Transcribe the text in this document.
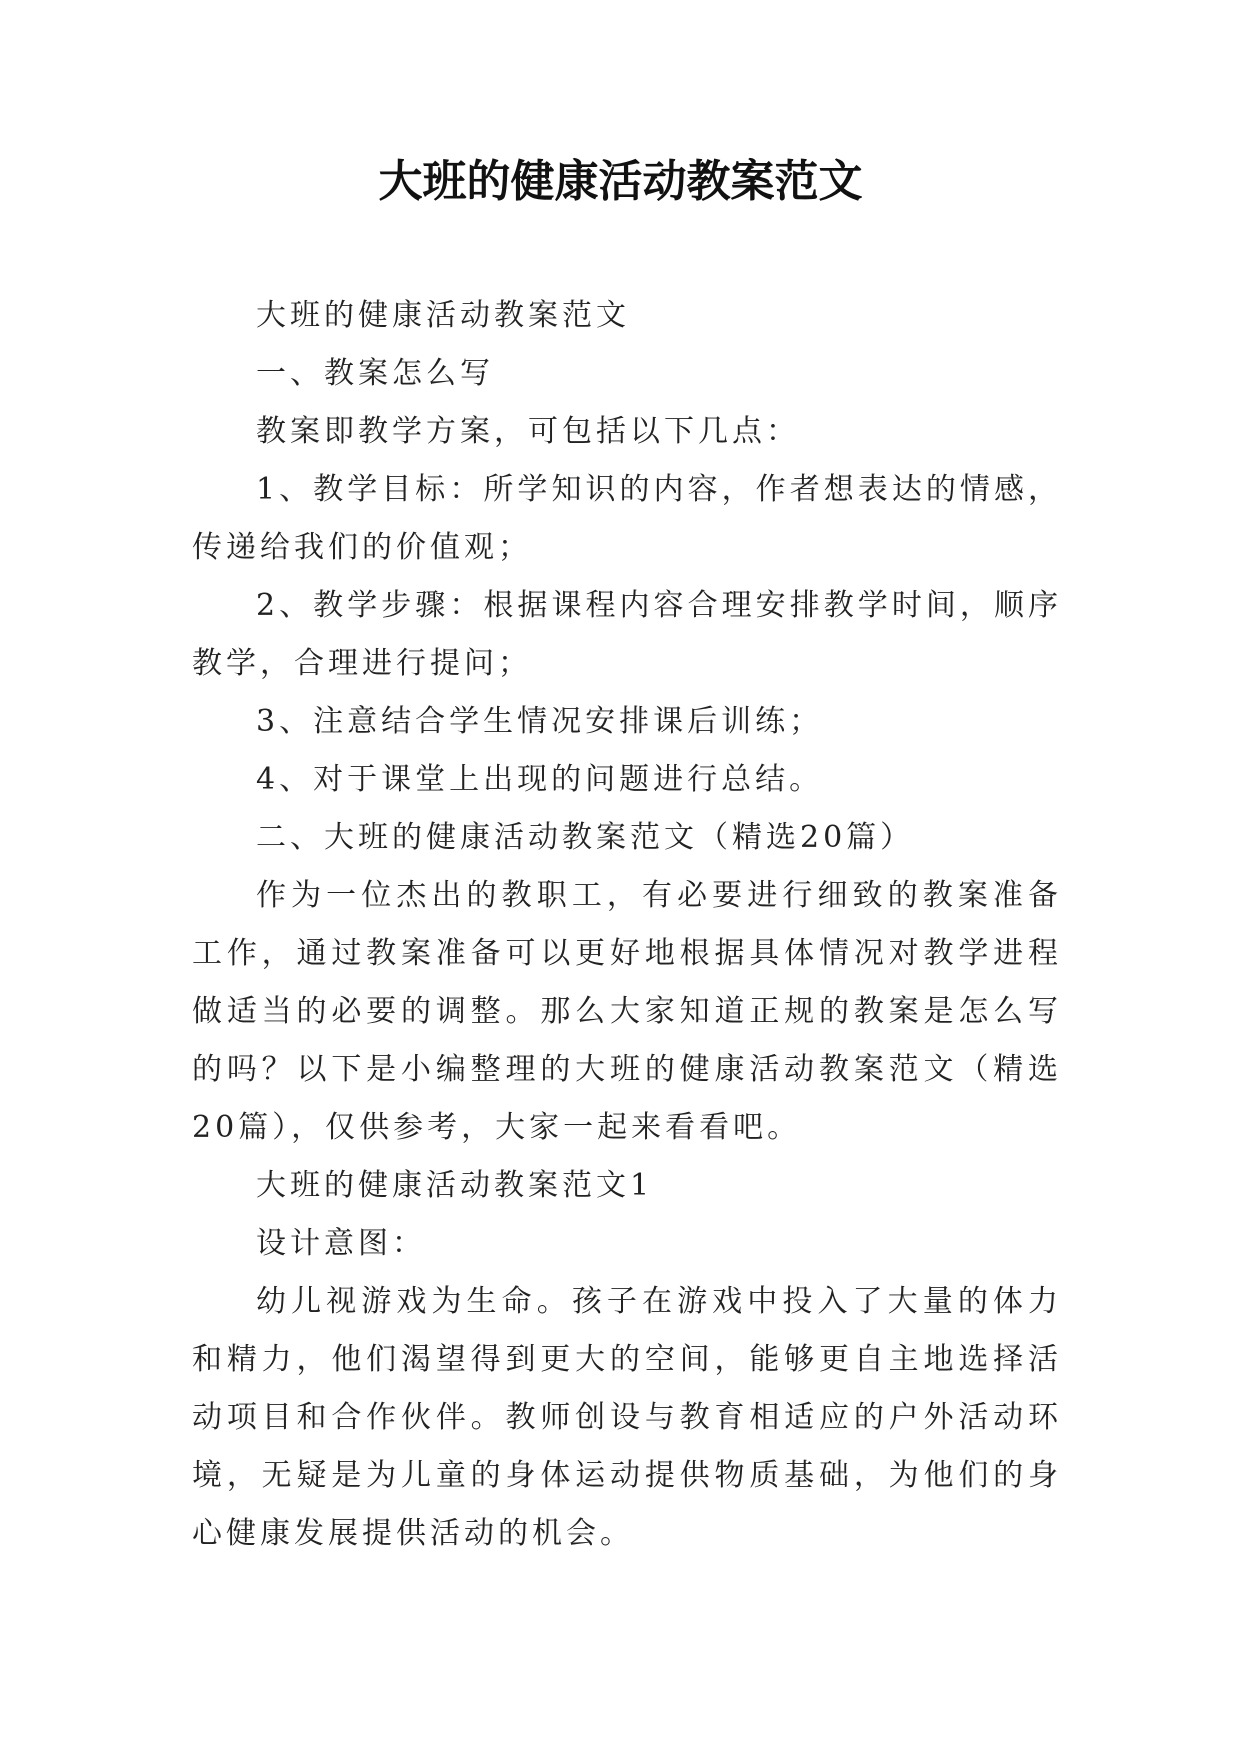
大班的健康活动教案范文

大班的健康活动教案范文

一、教案怎么写

教案即教学方案，可包括以下几点：

1、教学目标：所学知识的内容，作者想表达的情感，传递给我们的价值观；

2、教学步骤：根据课程内容合理安排教学时间，顺序教学，合理进行提问；

3、注意结合学生情况安排课后训练；

4、对于课堂上出现的问题进行总结。

二、大班的健康活动教案范文（精选20篇）

作为一位杰出的教职工，有必要进行细致的教案准备工作，通过教案准备可以更好地根据具体情况对教学进程做适当的必要的调整。那么大家知道正规的教案是怎么写的吗？以下是小编整理的大班的健康活动教案范文（精选20篇），仅供参考，大家一起来看看吧。

大班的健康活动教案范文1

设计意图：

幼儿视游戏为生命。孩子在游戏中投入了大量的体力和精力，他们渴望得到更大的空间，能够更自主地选择活动项目和合作伙伴。教师创设与教育相适应的户外活动环境，无疑是为儿童的身体运动提供物质基础，为他们的身心健康发展提供活动的机会。
